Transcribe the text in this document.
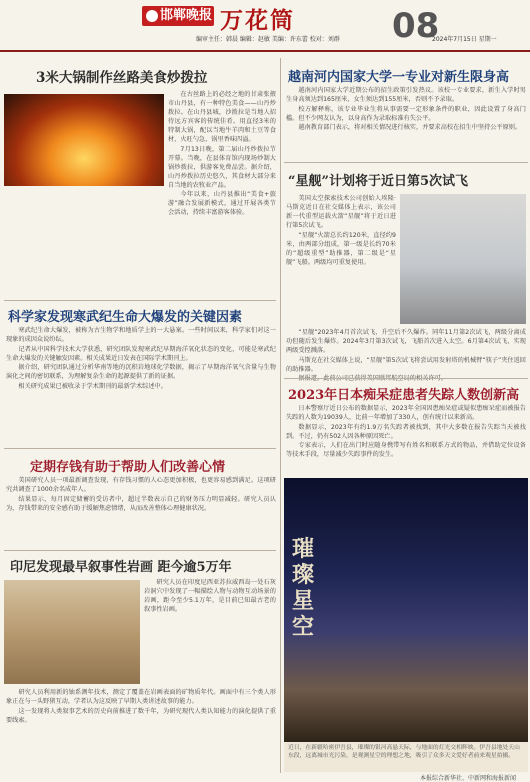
邯郸晚报 万花筒
编审主任：韩晨 编辑：赵敏 美编：许东蕾 校对：刘群 08
2024年7月15日 星期一
3米大锅制作丝路美食炒拨拉

在古丝路上的必经之地的甘肃张掖市山丹县，有一种特色美食——山丹炒拨拉。在山丹县城，沙拨拉是当地人招待远方宾客的传统佳肴。用直径3米的特制大锅，配以当地牛羊肉和土豆等食材，火旺勺急，锅里香味四溢。

7月13日晚，第二届山丹炒拨拉节开幕。当晚，在县体育馆内现场炒制大锅炒拨拉，供游客免费品尝。据介绍，山丹炒拨拉历史悠久，其食材大部分来自当地的农牧业产品。

今年以来，山丹县推出“美食+旅游”融合发展新模式，通过开展各类节会活动，持续丰富游客体验。

科学家发现寒武纪生命大爆发的关键因素

寒武纪生命大爆发，被称为古生物学和地质学上的一大悬案。一些时间以来，科学家们对这一现象的成因众说纷纭。

记者从中国科学技术大学获悉，研究团队发现寒武纪早期海洋氧化状态的变化，可能是寒武纪生命大爆发的关键触发因素。相关成果近日发表在国际学术期刊上。

据介绍，研究团队通过分析华南等地的沉积岩地球化学数据，揭示了早期海洋氧气含量与生物演化之间的密切联系，为理解复杂生命的起源提供了新的证据。

相关研究成果已被收录于学术期刊的最新学术综述中。

定期存钱有助于帮助人们改善心情

美国研究人员一项最新调查发现，有存钱习惯的人心态更加积极，也更容易感到满足。这项研究共调查了1000余名成年人。

结果显示，每月固定储蓄的受访者中，超过半数表示自己的财务压力明显减轻。研究人员认为，存钱带来的安全感有助于缓解焦虑情绪，从而改善整体心理健康状况。

印尼发现最早叙事性岩画 距今逾5万年

研究人员在印度尼西亚苏拉威西岛一处石灰岩洞穴中发现了一幅描绘人物与动物互动场景的岩画，距今至少5.1万年，是目前已知最古老的叙事性岩画。

研究人员利用新的铀系测年技术，测定了覆盖在岩画表面的矿物质年代。画面中有三个类人形象正在与一头野猪互动，学者认为这反映了早期人类讲述故事的能力。

这一发现将人类叙事艺术的历史向前推进了数千年，为研究现代人类认知能力的演化提供了重要线索。

越南河内国家大学一专业对新生限身高

越南河内国家大学近期公布的招生政策引发热议。该校一专业要求，新生入学时男生身高须达到165厘米，女生须达到155厘米，否则不予录取。

校方解释称，该专业毕业生将从事需要一定形象条件的职业，因此设置了身高门槛。但不少网友认为，以身高作为录取标准有失公平。

越南教育部门表示，将对相关情况进行核实，并要求高校在招生中坚持公平原则。

“星舰”计划将于近日第5次试飞

美国太空探索技术公司创始人埃隆·马斯克近日在社交媒体上表示，该公司新一代重型运载火箭“星舰”将于近日进行第5次试飞。

“星舰”火箭总长约120米，直径约9米，由两部分组成，第一级是长约70米的“超级重型”助推器，第二级是“星舰”飞船。两级均可重复使用。

“星舰”2023年4月首次试飞，升空后不久爆炸。同年11月第2次试飞，两级分离成功但随后发生爆炸。2024年3月第3次试飞，飞船首次进入太空。6月第4次试飞，实现两级受控溅落。

马斯克在社交媒体上说，“星舰”第5次试飞将尝试用发射塔的机械臂“筷子”夹住返回的助推器。

2023年日本痴呆症患者失踪人数创新高

日本警察厅近日公布的数据显示，2023年全国因患痴呆症或疑似患痴呆症而被报告失踪的人数为19039人，比前一年增加了330人，创有统计以来新高。

数据显示，2023年有约1.9万名失踪者被找到，其中大多数在报告失踪当天被找到。不过，仍有502人因各种原因死亡。

专家表示，人们在出门时应随身携带写有姓名和联系方式的物品，并借助定位设备等技术手段，尽量减少失踪事件的发生。

璀璨星空
近日，在新疆哈密伊吾县，璀璨的银河高悬天际，与地面的灯光交相辉映。伊吾县地处天山东段，远离城市光污染，是观测星空的理想之地，吸引了众多天文爱好者前来观星拍摄。
本报综合新华社、中新网和海报新闻
